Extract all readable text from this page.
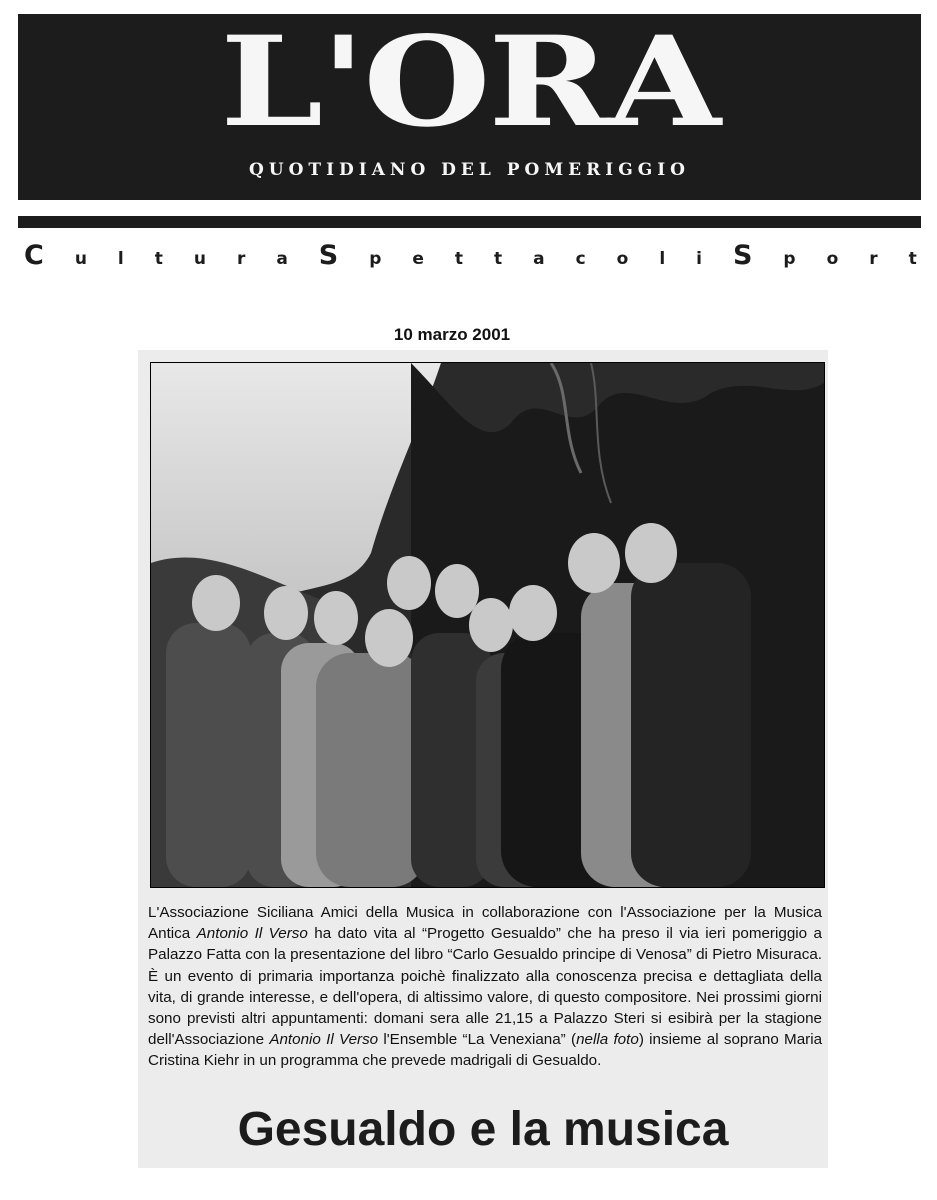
L'ORA
QUOTIDIANO DEL POMERIGGIO
C u l t u r a S p e t t a c o l i S p o r t
10 marzo 2001

L'Associazione Siciliana Amici della Musica in collaborazione con l'Associazione per la Musica Antica Antonio Il Verso ha dato vita al “Progetto Gesualdo” che ha preso il via ieri pomeriggio a Palazzo Fatta con la presentazione del libro “Carlo Gesualdo principe di Venosa” di Pietro Misuraca. È un evento di primaria importanza poichè finalizzato alla conoscenza precisa e dettagliata della vita, di grande interesse, e dell'opera, di altissimo valore, di questo compositore. Nei prossimi giorni sono previsti altri appuntamenti: domani sera alle 21,15 a Palazzo Steri si esibirà per la stagione dell'Associazione Antonio Il Verso l'Ensemble “La Venexiana” (nella foto) insieme al soprano Maria Cristina Kiehr in un programma che prevede madrigali di Gesualdo.

Gesualdo e la musica
